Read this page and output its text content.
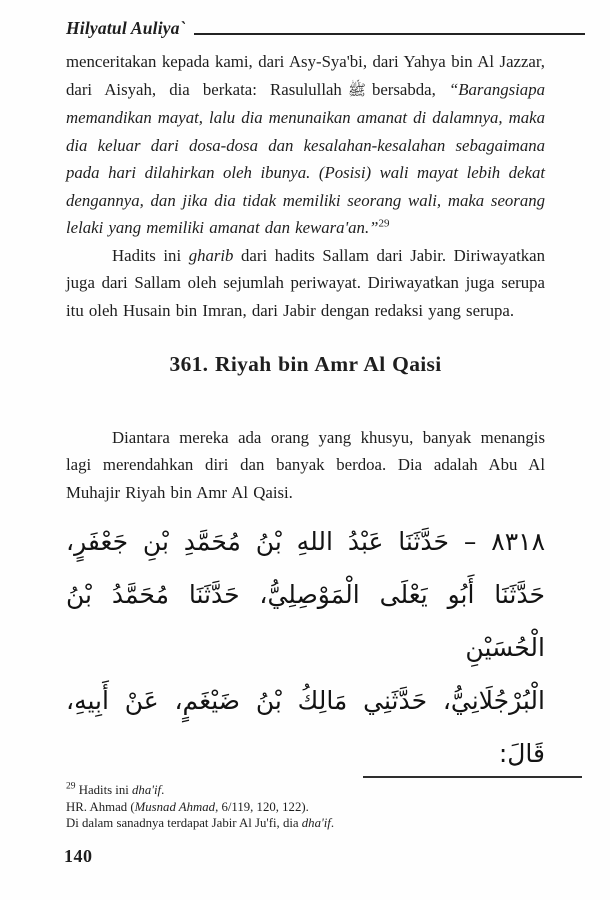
Hilyatul Auliya`

menceritakan kepada kami, dari Asy-Sya'bi, dari Yahya bin Al Jazzar, dari Aisyah, dia berkata: Rasulullah ﷺ bersabda, “Barangsiapa memandikan mayat, lalu dia menunaikan amanat di dalamnya, maka dia keluar dari dosa-dosa dan kesalahan-kesalahan sebagaimana pada hari dilahirkan oleh ibunya. (Posisi) wali mayat lebih dekat dengannya, dan jika dia tidak memiliki seorang wali, maka seorang lelaki yang memiliki amanat dan kewara'an.”$^{29}$

Hadits ini gharib dari hadits Sallam dari Jabir. Diriwayatkan juga dari Sallam oleh sejumlah periwayat. Diriwayatkan juga serupa itu oleh Husain bin Imran, dari Jabir dengan redaksi yang serupa.

361. Riyah bin Amr Al Qaisi

Diantara mereka ada orang yang khusyu, banyak menangis lagi merendahkan diri dan banyak berdoa. Dia adalah Abu Al Muhajir Riyah bin Amr Al Qaisi.

٨٣١٨ – حَدَّثَنَا عَبْدُ اللهِ بْنُ مُحَمَّدِ بْنِ جَعْفَرٍ،
حَدَّثَنَا أَبُو يَعْلَى الْمَوْصِلِيُّ، حَدَّثَنَا مُحَمَّدُ بْنُ الْحُسَيْنِ
الْبُرْجُلَانِيُّ، حَدَّثَنِي مَالِكُ بْنُ ضَيْغَمٍ، عَنْ أَبِيهِ، قَالَ:
$^{29}$ Hadits ini dha'if.
HR. Ahmad (Musnad Ahmad, 6/119, 120, 122).
Di dalam sanadnya terdapat Jabir Al Ju'fi, dia dha'if.
140
